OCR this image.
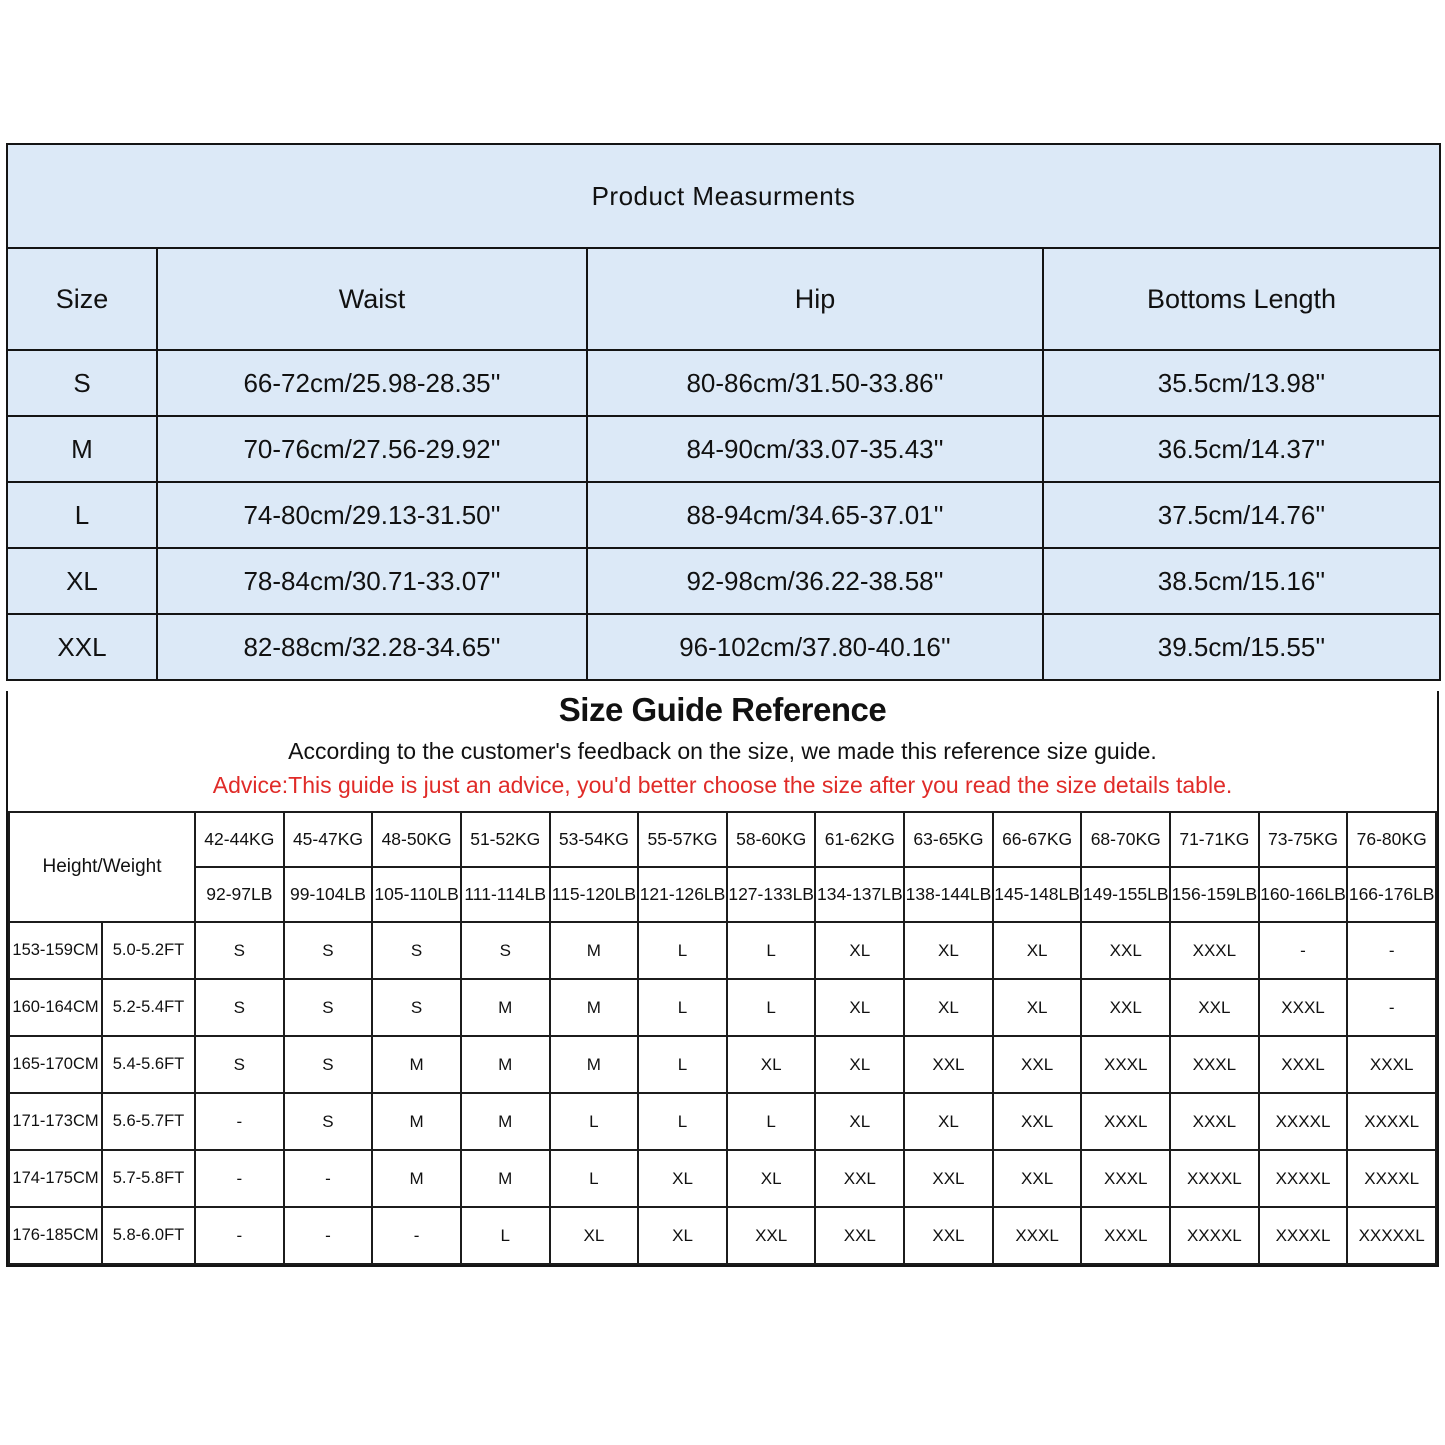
Product Measurments			
Size	Waist	Hip	Bottoms Length
S	66-72cm/25.98-28.35''	80-86cm/31.50-33.86''	35.5cm/13.98''
M	70-76cm/27.56-29.92''	84-90cm/33.07-35.43''	36.5cm/14.37''
L	74-80cm/29.13-31.50''	88-94cm/34.65-37.01''	37.5cm/14.76''
XL	78-84cm/30.71-33.07''	92-98cm/36.22-38.58''	38.5cm/15.16''
XXL	82-88cm/32.28-34.65''	96-102cm/37.80-40.16''	39.5cm/15.55''
Size Guide Reference
According to the customer's feedback on the size, we made this reference size guide.
Advice:This guide is just an advice, you'd better choose the size after you read the size details table.
Height/Weight		42-44KG	45-47KG	48-50KG	51-52KG	53-54KG	55-57KG	58-60KG	61-62KG	63-65KG	66-67KG	68-70KG	71-71KG	73-75KG	76-80KG
		92-97LB	99-104LB	105-110LB	111-114LB	115-120LB	121-126LB	127-133LB	134-137LB	138-144LB	145-148LB	149-155LB	156-159LB	160-166LB	166-176LB
153-159CM	5.0-5.2FT	S	S	S	S	M	L	L	XL	XL	XL	XXL	XXXL	-	-
160-164CM	5.2-5.4FT	S	S	S	M	M	L	L	XL	XL	XL	XXL	XXL	XXXL	-
165-170CM	5.4-5.6FT	S	S	M	M	M	L	XL	XL	XXL	XXL	XXXL	XXXL	XXXL	XXXL
171-173CM	5.6-5.7FT	-	S	M	M	L	L	L	XL	XL	XXL	XXXL	XXXL	XXXXL	XXXXL
174-175CM	5.7-5.8FT	-	-	M	M	L	XL	XL	XXL	XXL	XXL	XXXL	XXXXL	XXXXL	XXXXL
176-185CM	5.8-6.0FT	-	-	-	L	XL	XL	XXL	XXL	XXL	XXXL	XXXL	XXXXL	XXXXL	XXXXXL
